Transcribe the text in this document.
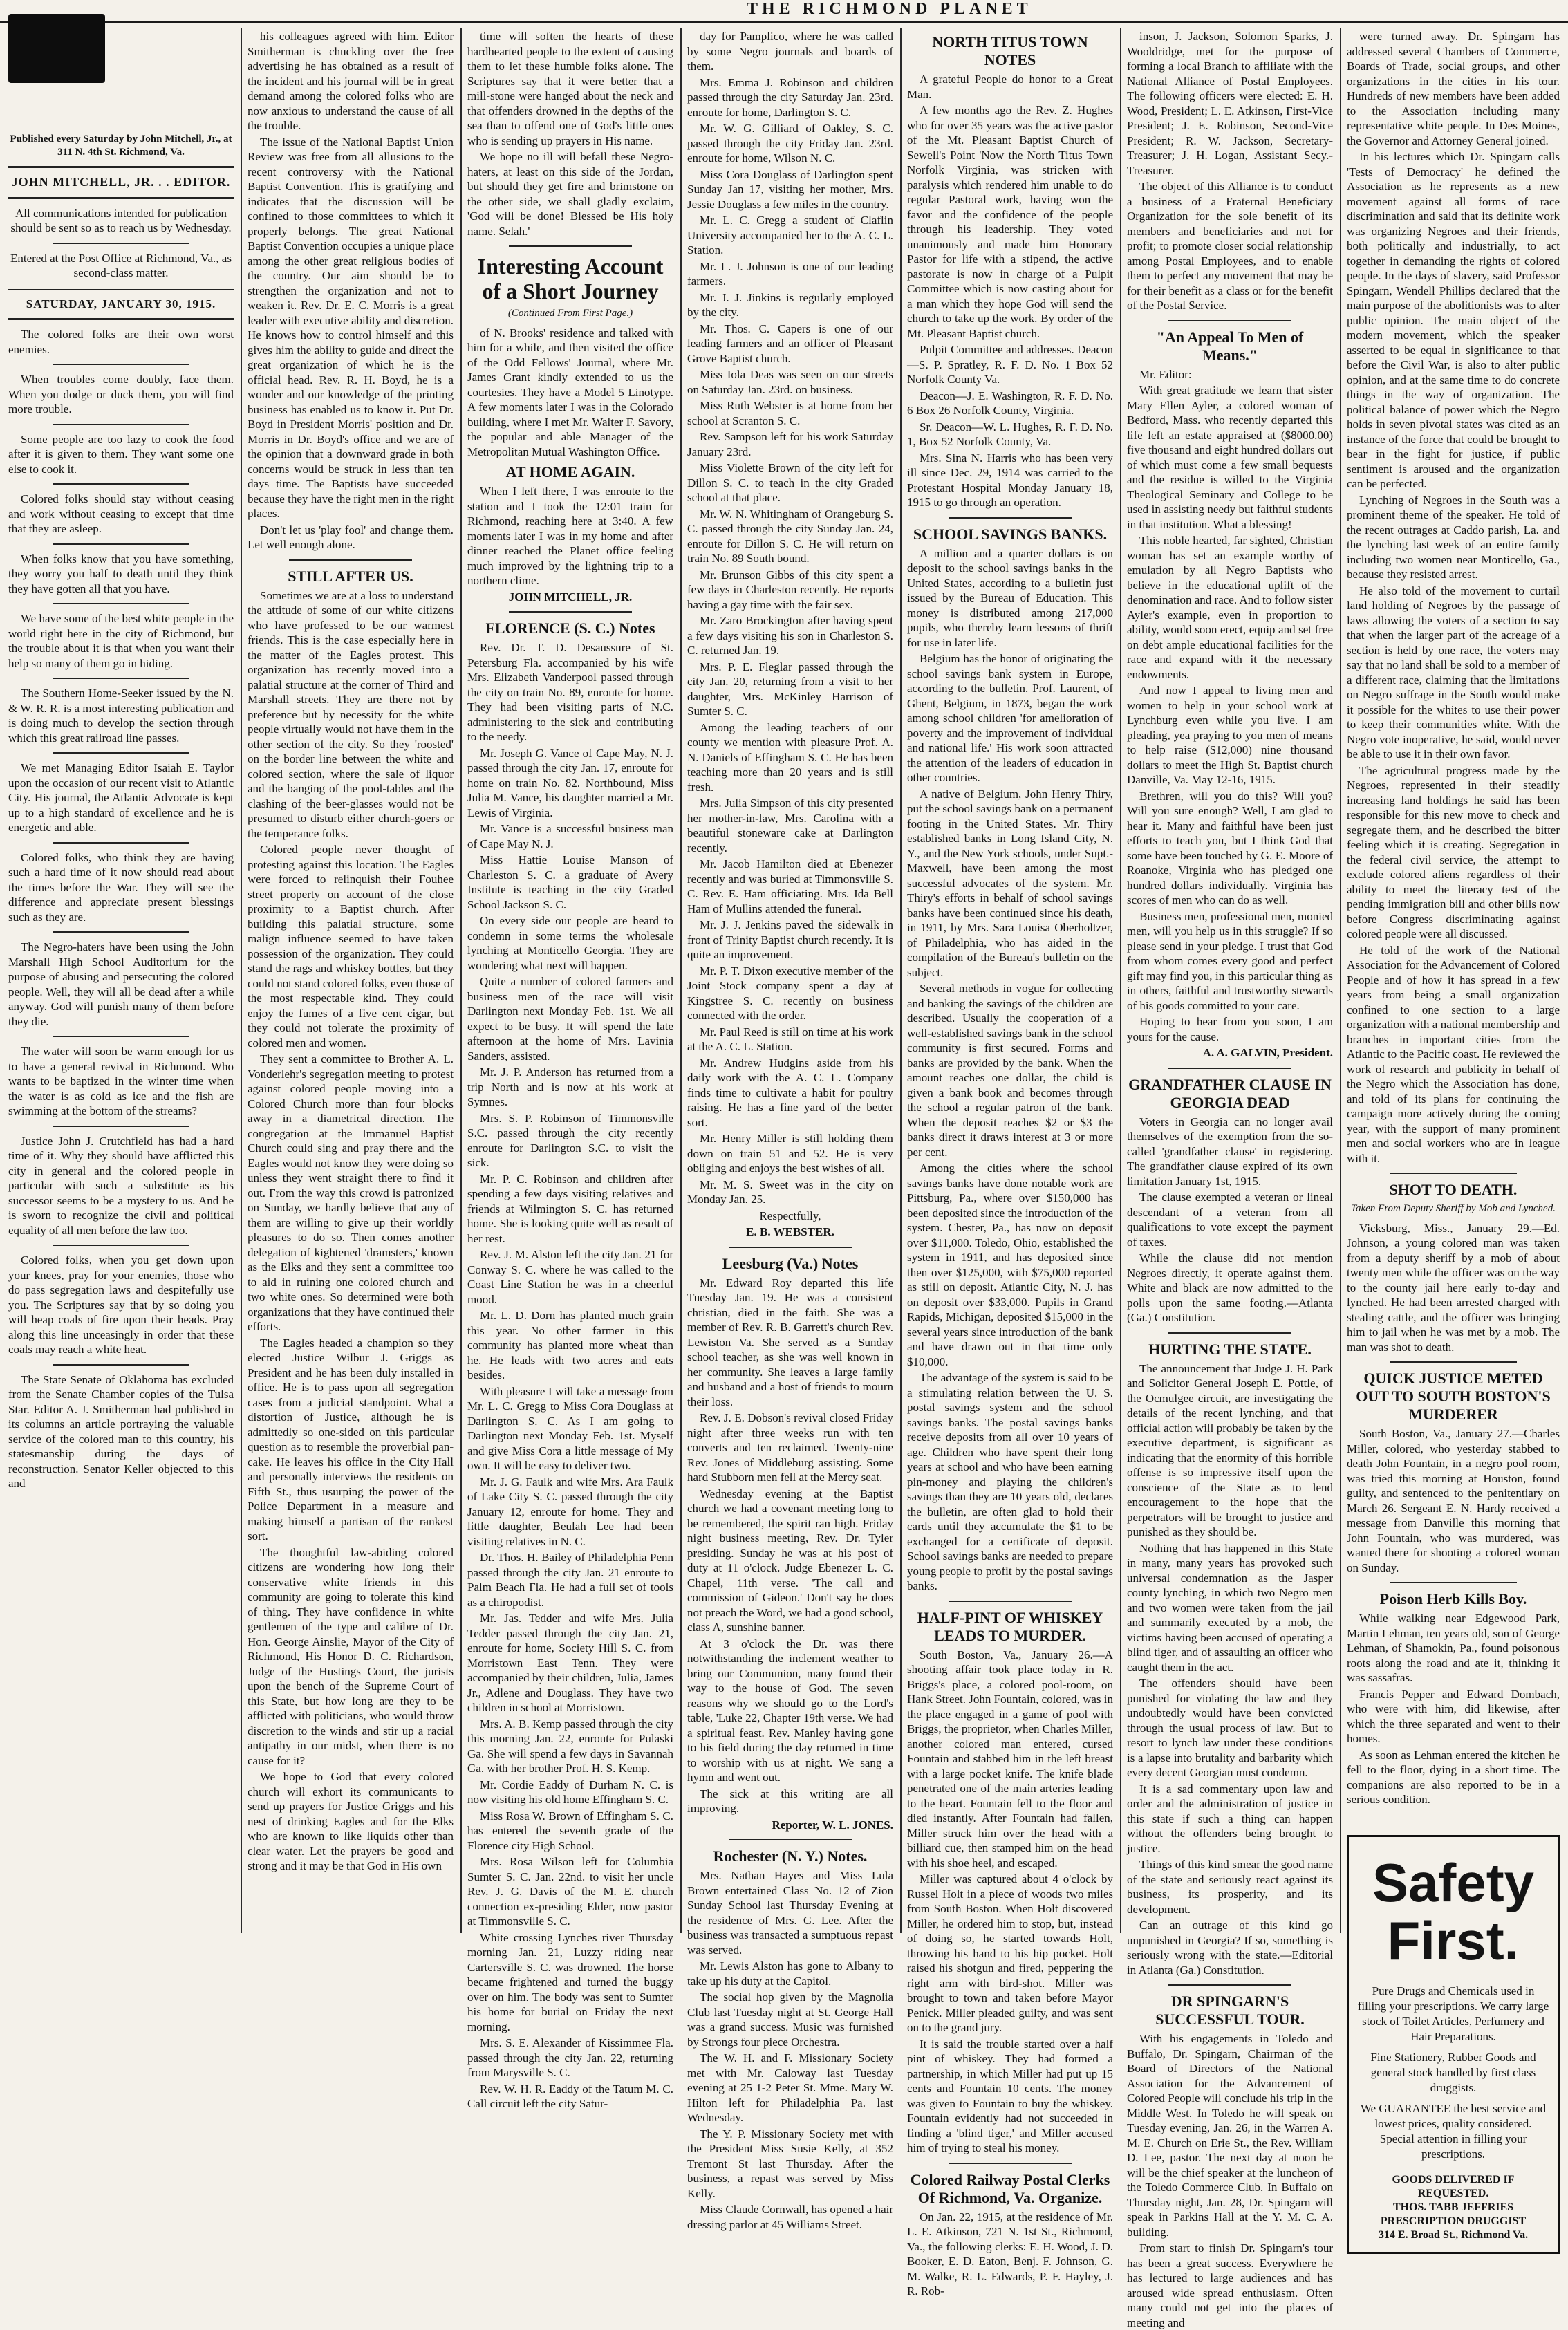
THE RICHMOND PLANET
Published every Saturday by John Mitchell, Jr., at 311 N. 4th St. Richmond, Va.
JOHN MITCHELL, JR. . . EDITOR.

All communications intended for publication should be sent so as to reach us by Wednesday.

Entered at the Post Office at Richmond, Va., as second-class matter.

SATURDAY, JANUARY 30, 1915.

The colored folks are their own worst enemies.

When troubles come doubly, face them. When you dodge or duck them, you will find more trouble.

Some people are too lazy to cook the food after it is given to them. They want some one else to cook it.

Colored folks should stay without ceasing and work without ceasing to except that time that they are asleep.

When folks know that you have something, they worry you half to death until they think they have gotten all that you have.

We have some of the best white people in the world right here in the city of Richmond, but the trouble about it is that when you want their help so many of them go in hiding.

The Southern Home-Seeker issued by the N. & W. R. R. is a most interesting publication and is doing much to develop the section through which this great railroad line passes.

We met Managing Editor Isaiah E. Taylor upon the occasion of our recent visit to Atlantic City. His journal, the Atlantic Advocate is kept up to a high standard of excellence and he is energetic and able.

Colored folks, who think they are having such a hard time of it now should read about the times before the War. They will see the difference and appreciate present blessings such as they are.

The Negro-haters have been using the John Marshall High School Auditorium for the purpose of abusing and persecuting the colored people. Well, they will all be dead after a while anyway. God will punish many of them before they die.

The water will soon be warm enough for us to have a general revival in Richmond. Who wants to be baptized in the winter time when the water is as cold as ice and the fish are swimming at the bottom of the streams?

Justice John J. Crutchfield has had a hard time of it. Why they should have afflicted this city in general and the colored people in particular with such a substitute as his successor seems to be a mystery to us. And he is sworn to recognize the civil and political equality of all men before the law too.

Colored folks, when you get down upon your knees, pray for your enemies, those who do pass segregation laws and despitefully use you. The Scriptures say that by so doing you will heap coals of fire upon their heads. Pray along this line unceasingly in order that these coals may reach a white heat.

The State Senate of Oklahoma has excluded from the Senate Chamber copies of the Tulsa Star. Editor A. J. Smitherman had published in its columns an article portraying the valuable service of the colored man to this country, his statesmanship during the days of reconstruction. Senator Keller objected to this and

his colleagues agreed with him. Editor Smitherman is chuckling over the free advertising he has obtained as a result of the incident and his journal will be in great demand among the colored folks who are now anxious to understand the cause of all the trouble.

The issue of the National Baptist Union Review was free from all allusions to the recent controversy with the National Baptist Convention. This is gratifying and indicates that the discussion will be confined to those committees to which it properly belongs. The great National Baptist Convention occupies a unique place among the other great religious bodies of the country. Our aim should be to strengthen the organization and not to weaken it. Rev. Dr. E. C. Morris is a great leader with executive ability and discretion. He knows how to control himself and this gives him the ability to guide and direct the great organization of which he is the official head. Rev. R. H. Boyd, he is a wonder and our knowledge of the printing business has enabled us to know it. Put Dr. Boyd in President Morris' position and Dr. Morris in Dr. Boyd's office and we are of the opinion that a downward grade in both concerns would be struck in less than ten days time. The Baptists have succeeded because they have the right men in the right places.

Don't let us 'play fool' and change them. Let well enough alone.

STILL AFTER US.

Sometimes we are at a loss to understand the attitude of some of our white citizens who have professed to be our warmest friends. This is the case especially here in the matter of the Eagles protest. This organization has recently moved into a palatial structure at the corner of Third and Marshall streets. They are there not by preference but by necessity for the white people virtually would not have them in the other section of the city. So they 'roosted' on the border line between the white and colored section, where the sale of liquor and the banging of the pool-tables and the clashing of the beer-glasses would not be presumed to disturb either church-goers or the temperance folks.

Colored people never thought of protesting against this location. The Eagles were forced to relinquish their Fouhee street property on account of the close proximity to a Baptist church. After building this palatial structure, some malign influence seemed to have taken possession of the organization. They could stand the rags and whiskey bottles, but they could not stand colored folks, even those of the most respectable kind. They could enjoy the fumes of a five cent cigar, but they could not tolerate the proximity of colored men and women.

They sent a committee to Brother A. L. Vonderlehr's segregation meeting to protest against colored people moving into a Colored Church more than four blocks away in a diametrical direction. The congregation at the Immanuel Baptist Church could sing and pray there and the Eagles would not know they were doing so unless they went straight there to find it out. From the way this crowd is patronized on Sunday, we hardly believe that any of them are willing to give up their worldly pleasures to do so. Then comes another delegation of kightened 'dramsters,' known as the Elks and they sent a committee too to aid in ruining one colored church and two white ones. So determined were both organizations that they have continued their efforts.

The Eagles headed a champion so they elected Justice Wilbur J. Griggs as President and he has been duly installed in office. He is to pass upon all segregation cases from a judicial standpoint. What a distortion of Justice, although he is admittedly so one-sided on this particular question as to resemble the proverbial pan-cake. He leaves his office in the City Hall and personally interviews the residents on Fifth St., thus usurping the power of the Police Department in a measure and making himself a partisan of the rankest sort.

The thoughtful law-abiding colored citizens are wondering how long their conservative white friends in this community are going to tolerate this kind of thing. They have confidence in white gentlemen of the type and calibre of Dr. Hon. George Ainslie, Mayor of the City of Richmond, His Honor D. C. Richardson, Judge of the Hustings Court, the jurists upon the bench of the Supreme Court of this State, but how long are they to be afflicted with politicians, who would throw discretion to the winds and stir up a racial antipathy in our midst, when there is no cause for it?

We hope to God that every colored church will exhort its communicants to send up prayers for Justice Griggs and his nest of drinking Eagles and for the Elks who are known to like liquids other than clear water. Let the prayers be good and strong and it may be that God in His own

time will soften the hearts of these hardhearted people to the extent of causing them to let these humble folks alone. The Scriptures say that it were better that a mill-stone were hanged about the neck and that offenders drowned in the depths of the sea than to offend one of God's little ones who is sending up prayers in His name.

We hope no ill will befall these Negro-haters, at least on this side of the Jordan, but should they get fire and brimstone on the other side, we shall gladly exclaim, 'God will be done! Blessed be His holy name. Selah.'

Interesting Account of a Short Journey
(Continued From First Page.)

of N. Brooks' residence and talked with him for a while, and then visited the office of the Odd Fellows' Journal, where Mr. James Grant kindly extended to us the courtesies. They have a Model 5 Linotype. A few moments later I was in the Colorado building, where I met Mr. Walter F. Savory, the popular and able Manager of the Metropolitan Mutual Washington Office.

AT HOME AGAIN.

When I left there, I was enroute to the station and I took the 12:01 train for Richmond, reaching here at 3:40. A few moments later I was in my home and after dinner reached the Planet office feeling much improved by the lightning trip to a northern clime.

JOHN MITCHELL, JR.

FLORENCE (S. C.) Notes

Rev. Dr. T. D. Desaussure of St. Petersburg Fla. accompanied by his wife Mrs. Elizabeth Vanderpool passed through the city on train No. 89, enroute for home. They had been visiting parts of N.C. administering to the sick and contributing to the needy.

Mr. Joseph G. Vance of Cape May, N. J. passed through the city Jan. 17, enroute for home on train No. 82. Northbound, Miss Julia M. Vance, his daughter married a Mr. Lewis of Virginia.

Mr. Vance is a successful business man of Cape May N. J.

Miss Hattie Louise Manson of Charleston S. C. a graduate of Avery Institute is teaching in the city Graded School Jackson S. C.

On every side our people are heard to condemn in some terms the wholesale lynching at Monticello Georgia. They are wondering what next will happen.

Quite a number of colored farmers and business men of the race will visit Darlington next Monday Feb. 1st. We all expect to be busy. It will spend the late afternoon at the home of Mrs. Lavinia Sanders, assisted.

Mr. J. P. Anderson has returned from a trip North and is now at his work at Symnes.

Mrs. S. P. Robinson of Timmonsville S.C. passed through the city recently enroute for Darlington S.C. to visit the sick.

Mr. P. C. Robinson and children after spending a few days visiting relatives and friends at Wilmington S. C. has returned home. She is looking quite well as result of her rest.

Rev. J. M. Alston left the city Jan. 21 for Conway S. C. where he was called to the Coast Line Station he was in a cheerful mood.

Mr. L. D. Dorn has planted much grain this year. No other farmer in this community has planted more wheat than he. He leads with two acres and eats besides.

With pleasure I will take a message from Mr. L. C. Gregg to Miss Cora Douglass at Darlington S. C. As I am going to Darlington next Monday Feb. 1st. Myself and give Miss Cora a little message of My own. It will be easy to deliver two.

Mr. J. G. Faulk and wife Mrs. Ara Faulk of Lake City S. C. passed through the city January 12, enroute for home. They and little daughter, Beulah Lee had been visiting relatives in N. C.

Dr. Thos. H. Bailey of Philadelphia Penn passed through the city Jan. 21 enroute to Palm Beach Fla. He had a full set of tools as a chiropodist.

Mr. Jas. Tedder and wife Mrs. Julia Tedder passed through the city Jan. 21, enroute for home, Society Hill S. C. from Morristown East Tenn. They were accompanied by their children, Julia, James Jr., Adlene and Douglass. They have two children in school at Morristown.

Mrs. A. B. Kemp passed through the city this morning Jan. 22, enroute for Pulaski Ga. She will spend a few days in Savannah Ga. with her brother Prof. H. S. Kemp.

Mr. Cordie Eaddy of Durham N. C. is now visiting his old home Effingham S. C.

Miss Rosa W. Brown of Effingham S. C. has entered the seventh grade of the Florence city High School.

Mrs. Rosa Wilson left for Columbia Sumter S. C. Jan. 22nd. to visit her uncle Rev. J. G. Davis of the M. E. church connection ex-presiding Elder, now pastor at Timmonsville S. C.

White crossing Lynches river Thursday morning Jan. 21, Luzzy riding near Cartersville S. C. was drowned. The horse became frightened and turned the buggy over on him. The body was sent to Sumter his home for burial on Friday the next morning.

Mrs. S. E. Alexander of Kissimmee Fla. passed through the city Jan. 22, returning from Marysville S. C.

Rev. W. H. R. Eaddy of the Tatum M. C. Call circuit left the city Satur-

day for Pamplico, where he was called by some Negro journals and boards of them.

Mrs. Emma J. Robinson and children passed through the city Saturday Jan. 23rd. enroute for home, Darlington S. C.

Mr. W. G. Gilliard of Oakley, S. C. passed through the city Friday Jan. 23rd. enroute for home, Wilson N. C.

Miss Cora Douglass of Darlington spent Sunday Jan 17, visiting her mother, Mrs. Jessie Douglass a few miles in the country.

Mr. L. C. Gregg a student of Claflin University accompanied her to the A. C. L. Station.

Mr. L. J. Johnson is one of our leading farmers.

Mr. J. J. Jinkins is regularly employed by the city.

Mr. Thos. C. Capers is one of our leading farmers and an officer of Pleasant Grove Baptist church.

Miss Iola Deas was seen on our streets on Saturday Jan. 23rd. on business.

Miss Ruth Webster is at home from her school at Scranton S. C.

Rev. Sampson left for his work Saturday January 23rd.

Miss Violette Brown of the city left for Dillon S. C. to teach in the city Graded school at that place.

Mr. W. N. Whitingham of Orangeburg S. C. passed through the city Sunday Jan. 24, enroute for Dillon S. C. He will return on train No. 89 South bound.

Mr. Brunson Gibbs of this city spent a few days in Charleston recently. He reports having a gay time with the fair sex.

Mr. Zaro Brockington after having spent a few days visiting his son in Charleston S. C. returned Jan. 19.

Mrs. P. E. Fleglar passed through the city Jan. 20, returning from a visit to her daughter, Mrs. McKinley Harrison of Sumter S. C.

Among the leading teachers of our county we mention with pleasure Prof. A. N. Daniels of Effingham S. C. He has been teaching more than 20 years and is still fresh.

Mrs. Julia Simpson of this city presented her mother-in-law, Mrs. Carolina with a beautiful stoneware cake at Darlington recently.

Mr. Jacob Hamilton died at Ebenezer recently and was buried at Timmonsville S. C. Rev. E. Ham officiating. Mrs. Ida Bell Ham of Mullins attended the funeral.

Mr. J. J. Jenkins paved the sidewalk in front of Trinity Baptist church recently. It is quite an improvement.

Mr. P. T. Dixon executive member of the Joint Stock company spent a day at Kingstree S. C. recently on business connected with the order.

Mr. Paul Reed is still on time at his work at the A. C. L. Station.

Mr. Andrew Hudgins aside from his daily work with the A. C. L. Company finds time to cultivate a habit for poultry raising. He has a fine yard of the better sort.

Mr. Henry Miller is still holding them down on train 51 and 52. He is very obliging and enjoys the best wishes of all.

Mr. M. S. Sweet was in the city on Monday Jan. 25.

Respectfully,

E. B. WEBSTER.

Leesburg (Va.) Notes

Mr. Edward Roy departed this life Tuesday Jan. 19. He was a consistent christian, died in the faith. She was a member of Rev. R. B. Garrett's church Rev. Lewiston Va. She served as a Sunday school teacher, as she was well known in her community. She leaves a large family and husband and a host of friends to mourn their loss.

Rev. J. E. Dobson's revival closed Friday night after three weeks run with ten converts and ten reclaimed. Twenty-nine Rev. Jones of Middleburg assisting. Some hard Stubborn men fell at the Mercy seat.

Wednesday evening at the Baptist church we had a covenant meeting long to be remembered, the spirit ran high. Friday night business meeting, Rev. Dr. Tyler presiding. Sunday he was at his post of duty at 11 o'clock. Judge Ebenezer L. C. Chapel, 11th verse. 'The call and commission of Gideon.' Don't say he does not preach the Word, we had a good school, class A, sunshine banner.

At 3 o'clock the Dr. was there notwithstanding the inclement weather to bring our Communion, many found their way to the house of God. The seven reasons why we should go to the Lord's table, 'Luke 22, Chapter 19th verse. We had a spiritual feast. Rev. Manley having gone to his field during the day returned in time to worship with us at night. We sang a hymn and went out.

The sick at this writing are all improving.

Reporter, W. L. JONES.

Rochester (N. Y.) Notes.

Mrs. Nathan Hayes and Miss Lula Brown entertained Class No. 12 of Zion Sunday School last Thursday Evening at the residence of Mrs. G. Lee. After the business was transacted a sumptuous repast was served.

Mr. Lewis Alston has gone to Albany to take up his duty at the Capitol.

The social hop given by the Magnolia Club last Tuesday night at St. George Hall was a grand success. Music was furnished by Strongs four piece Orchestra.

The W. H. and F. Missionary Society met with Mr. Caloway last Tuesday evening at 25 1-2 Peter St. Mme. Mary W. Hilton left for Philadelphia Pa. last Wednesday.

The Y. P. Missionary Society met with the President Miss Susie Kelly, at 352 Tremont St last Thursday. After the business, a repast was served by Miss Kelly.

Miss Claude Cornwall, has opened a hair dressing parlor at 45 Williams Street.

NORTH TITUS TOWN NOTES

A grateful People do honor to a Great Man.

A few months ago the Rev. Z. Hughes who for over 35 years was the active pastor of the Mt. Pleasant Baptist Church of Sewell's Point 'Now the North Titus Town Norfolk Virginia, was stricken with paralysis which rendered him unable to do regular Pastoral work, having won the favor and the confidence of the people through his leadership. They voted unanimously and made him Honorary Pastor for life with a stipend, the active pastorate is now in charge of a Pulpit Committee which is now casting about for a man which they hope God will send the church to take up the work. By order of the Mt. Pleasant Baptist church.

Pulpit Committee and addresses. Deacon—S. P. Spratley, R. F. D. No. 1 Box 52 Norfolk County Va.

Deacon—J. E. Washington, R. F. D. No. 6 Box 26 Norfolk County, Virginia.

Sr. Deacon—W. L. Hughes, R. F. D. No. 1, Box 52 Norfolk County, Va.

Mrs. Sina N. Harris who has been very ill since Dec. 29, 1914 was carried to the Protestant Hospital Monday January 18, 1915 to go through an operation.

SCHOOL SAVINGS BANKS.

A million and a quarter dollars is on deposit to the school savings banks in the United States, according to a bulletin just issued by the Bureau of Education. This money is distributed among 217,000 pupils, who thereby learn lessons of thrift for use in later life.

Belgium has the honor of originating the school savings bank system in Europe, according to the bulletin. Prof. Laurent, of Ghent, Belgium, in 1873, began the work among school children 'for amelioration of poverty and the improvement of individual and national life.' His work soon attracted the attention of the leaders of education in other countries.

A native of Belgium, John Henry Thiry, put the school savings bank on a permanent footing in the United States. Mr. Thiry established banks in Long Island City, N. Y., and the New York schools, under Supt.-Maxwell, have been among the most successful advocates of the system. Mr. Thiry's efforts in behalf of school savings banks have been continued since his death, in 1911, by Mrs. Sara Louisa Oberholtzer, of Philadelphia, who has aided in the compilation of the Bureau's bulletin on the subject.

Several methods in vogue for collecting and banking the savings of the children are described. Usually the cooperation of a well-established savings bank in the school community is first secured. Forms and banks are provided by the bank. When the amount reaches one dollar, the child is given a bank book and becomes through the school a regular patron of the bank. When the deposit reaches $2 or $3 the banks direct it draws interest at 3 or more per cent.

Among the cities where the school savings banks have done notable work are Pittsburg, Pa., where over $150,000 has been deposited since the introduction of the system. Chester, Pa., has now on deposit over $11,000. Toledo, Ohio, established the system in 1911, and has deposited since then over $125,000, with $75,000 reported as still on deposit. Atlantic City, N. J. has on deposit over $33,000. Pupils in Grand Rapids, Michigan, deposited $15,000 in the several years since introduction of the bank and have drawn out in that time only $10,000.

The advantage of the system is said to be a stimulating relation between the U. S. postal savings system and the school savings banks. The postal savings banks receive deposits from all over 10 years of age. Children who have spent their long years at school and who have been earning pin-money and playing the children's savings than they are 10 years old, declares the bulletin, are often glad to hold their cards until they accumulate the $1 to be exchanged for a certificate of deposit. School savings banks are needed to prepare young people to profit by the postal savings banks.

HALF-PINT OF WHISKEY LEADS TO MURDER.

South Boston, Va., January 26.—A shooting affair took place today in R. Briggs's place, a colored pool-room, on Hank Street. John Fountain, colored, was in the place engaged in a game of pool with Briggs, the proprietor, when Charles Miller, another colored man entered, cursed Fountain and stabbed him in the left breast with a large pocket knife. The knife blade penetrated one of the main arteries leading to the heart. Fountain fell to the floor and died instantly. After Fountain had fallen, Miller struck him over the head with a billiard cue, then stamped him on the head with his shoe heel, and escaped.

Miller was captured about 4 o'clock by Russel Holt in a piece of woods two miles from South Boston. When Holt discovered Miller, he ordered him to stop, but, instead of doing so, he started towards Holt, throwing his hand to his hip pocket. Holt raised his shotgun and fired, peppering the right arm with bird-shot. Miller was brought to town and taken before Mayor Penick. Miller pleaded guilty, and was sent on to the grand jury.

It is said the trouble started over a half pint of whiskey. They had formed a partnership, in which Miller had put up 15 cents and Fountain 10 cents. The money was given to Fountain to buy the whiskey. Fountain evidently had not succeeded in finding a 'blind tiger,' and Miller accused him of trying to steal his money.

Colored Railway Postal Clerks Of Richmond, Va. Organize.

On Jan. 22, 1915, at the residence of Mr. L. E. Atkinson, 721 N. 1st St., Richmond, Va., the following clerks: E. H. Wood, J. D. Booker, E. D. Eaton, Benj. F. Johnson, G. M. Walke, R. L. Edwards, P. F. Hayley, J. R. Rob-

inson, J. Jackson, Solomon Sparks, J. Wooldridge, met for the purpose of forming a local Branch to affiliate with the National Alliance of Postal Employees. The following officers were elected: E. H. Wood, President; L. E. Atkinson, First-Vice President; J. E. Robinson, Second-Vice President; R. W. Jackson, Secretary-Treasurer; J. H. Logan, Assistant Secy.-Treasurer.

The object of this Alliance is to conduct a business of a Fraternal Beneficiary Organization for the sole benefit of its members and beneficiaries and not for profit; to promote closer social relationship among Postal Employees, and to enable them to perfect any movement that may be for their benefit as a class or for the benefit of the Postal Service.

"An Appeal To Men of Means."

Mr. Editor:

With great gratitude we learn that sister Mary Ellen Ayler, a colored woman of Bedford, Mass. who recently departed this life left an estate appraised at ($8000.00) five thousand and eight hundred dollars out of which must come a few small bequests and the residue is willed to the Virginia Theological Seminary and College to be used in assisting needy but faithful students in that institution. What a blessing!

This noble hearted, far sighted, Christian woman has set an example worthy of emulation by all Negro Baptists who believe in the educational uplift of the denomination and race. And to follow sister Ayler's example, even in proportion to ability, would soon erect, equip and set free on debt ample educational facilities for the race and expand with it the necessary endowments.

And now I appeal to living men and women to help in your school work at Lynchburg even while you live. I am pleading, yea praying to you men of means to help raise ($12,000) nine thousand dollars to meet the High St. Baptist church Danville, Va. May 12-16, 1915.

Brethren, will you do this? Will you? Will you sure enough? Well, I am glad to hear it. Many and faithful have been just efforts to teach you, but I think God that some have been touched by G. E. Moore of Roanoke, Virginia who has pledged one hundred dollars individually. Virginia has scores of men who can do as well.

Business men, professional men, monied men, will you help us in this struggle? If so please send in your pledge. I trust that God from whom comes every good and perfect gift may find you, in this particular thing as in others, faithful and trustworthy stewards of his goods committed to your care.

Hoping to hear from you soon, I am yours for the cause.

A. A. GALVIN, President.

GRANDFATHER CLAUSE IN GEORGIA DEAD

Voters in Georgia can no longer avail themselves of the exemption from the so-called 'grandfather clause' in registering. The grandfather clause expired of its own limitation January 1st, 1915.

The clause exempted a veteran or lineal descendant of a veteran from all qualifications to vote except the payment of taxes.

While the clause did not mention Negroes directly, it operate against them. White and black are now admitted to the polls upon the same footing.—Atlanta (Ga.) Constitution.

HURTING THE STATE.

The announcement that Judge J. H. Park and Solicitor General Joseph E. Pottle, of the Ocmulgee circuit, are investigating the details of the recent lynching, and that official action will probably be taken by the executive department, is significant as indicating that the enormity of this horrible offense is so impressive itself upon the conscience of the State as to lend encouragement to the hope that the perpetrators will be brought to justice and punished as they should be.

Nothing that has happened in this State in many, many years has provoked such universal condemnation as the Jasper county lynching, in which two Negro men and two women were taken from the jail and summarily executed by a mob, the victims having been accused of operating a blind tiger, and of assaulting an officer who caught them in the act.

The offenders should have been punished for violating the law and they undoubtedly would have been convicted through the usual process of law. But to resort to lynch law under these conditions is a lapse into brutality and barbarity which every decent Georgian must condemn.

It is a sad commentary upon law and order and the administration of justice in this state if such a thing can happen without the offenders being brought to justice.

Things of this kind smear the good name of the state and seriously react against its business, its prosperity, and its development.

Can an outrage of this kind go unpunished in Georgia? If so, something is seriously wrong with the state.—Editorial in Atlanta (Ga.) Constitution.

DR SPINGARN'S SUCCESSFUL TOUR.

With his engagements in Toledo and Buffalo, Dr. Spingarn, Chairman of the Board of Directors of the National Association for the Advancement of Colored People will conclude his trip in the Middle West. In Toledo he will speak on Tuesday evening, Jan. 26, in the Warren A. M. E. Church on Erie St., the Rev. William D. Lee, pastor. The next day at noon he will be the chief speaker at the luncheon of the Toledo Commerce Club. In Buffalo on Thursday night, Jan. 28, Dr. Spingarn will speak in Parkins Hall at the Y. M. C. A. building.

From start to finish Dr. Spingarn's tour has been a great success. Everywhere he has lectured to large audiences and has aroused wide spread enthusiasm. Often many could not get into the places of meeting and

were turned away. Dr. Spingarn has addressed several Chambers of Commerce, Boards of Trade, social groups, and other organizations in the cities in his tour. Hundreds of new members have been added to the Association including many representative white people. In Des Moines, the Governor and Attorney General joined.

In his lectures which Dr. Spingarn calls 'Tests of Democracy' he defined the Association as he represents as a new movement against all forms of race discrimination and said that its definite work was organizing Negroes and their friends, both politically and industrially, to act together in demanding the rights of colored people. In the days of slavery, said Professor Spingarn, Wendell Phillips declared that the main purpose of the abolitionists was to alter public opinion. The main object of the modern movement, which the speaker asserted to be equal in significance to that before the Civil War, is also to alter public opinion, and at the same time to do concrete things in the way of organization. The political balance of power which the Negro holds in seven pivotal states was cited as an instance of the force that could be brought to bear in the fight for justice, if public sentiment is aroused and the organization can be perfected.

Lynching of Negroes in the South was a prominent theme of the speaker. He told of the recent outrages at Caddo parish, La. and the lynching last week of an entire family including two women near Monticello, Ga., because they resisted arrest.

He also told of the movement to curtail land holding of Negroes by the passage of laws allowing the voters of a section to say that when the larger part of the acreage of a section is held by one race, the voters may say that no land shall be sold to a member of a different race, claiming that the limitations on Negro suffrage in the South would make it possible for the whites to use their power to keep their communities white. With the Negro vote inoperative, he said, would never be able to use it in their own favor.

The agricultural progress made by the Negroes, represented in their steadily increasing land holdings he said has been responsible for this new move to check and segregate them, and he described the bitter feeling which it is creating. Segregation in the federal civil service, the attempt to exclude colored aliens regardless of their ability to meet the literacy test of the pending immigration bill and other bills now before Congress discriminating against colored people were all discussed.

He told of the work of the National Association for the Advancement of Colored People and of how it has spread in a few years from being a small organization confined to one section to a large organization with a national membership and branches in important cities from the Atlantic to the Pacific coast. He reviewed the work of research and publicity in behalf of the Negro which the Association has done, and told of its plans for continuing the campaign more actively during the coming year, with the support of many prominent men and social workers who are in league with it.

SHOT TO DEATH.
Taken From Deputy Sheriff by Mob and Lynched.

Vicksburg, Miss., January 29.—Ed. Johnson, a young colored man was taken from a deputy sheriff by a mob of about twenty men while the officer was on the way to the county jail here early to-day and lynched. He had been arrested charged with stealing cattle, and the officer was bringing him to jail when he was met by a mob. The man was shot to death.

QUICK JUSTICE METED OUT TO SOUTH BOSTON'S MURDERER

South Boston, Va., January 27.—Charles Miller, colored, who yesterday stabbed to death John Fountain, in a negro pool room, was tried this morning at Houston, found guilty, and sentenced to the penitentiary on March 26. Sergeant E. N. Hardy received a message from Danville this morning that John Fountain, who was murdered, was wanted there for shooting a colored woman on Sunday.

Poison Herb Kills Boy.

While walking near Edgewood Park, Martin Lehman, ten years old, son of George Lehman, of Shamokin, Pa., found poisonous roots along the road and ate it, thinking it was sassafras.

Francis Pepper and Edward Dombach, who were with him, did likewise, after which the three separated and went to their homes.

As soon as Lehman entered the kitchen he fell to the floor, dying in a short time. The companions are also reported to be in a serious condition.

Safety
First.

Pure Drugs and Chemicals used in filling your prescriptions. We carry large stock of Toilet Articles, Perfumery and Hair Preparations.

Fine Stationery, Rubber Goods and general stock handled by first class druggists.

We GUARANTEE the best service and lowest prices, quality considered. Special attention in filling your prescriptions.

GOODS DELIVERED IF REQUESTED.
THOS. TABB JEFFRIES
PRESCRIPTION DRUGGIST
314 E. Broad St., Richmond Va.
